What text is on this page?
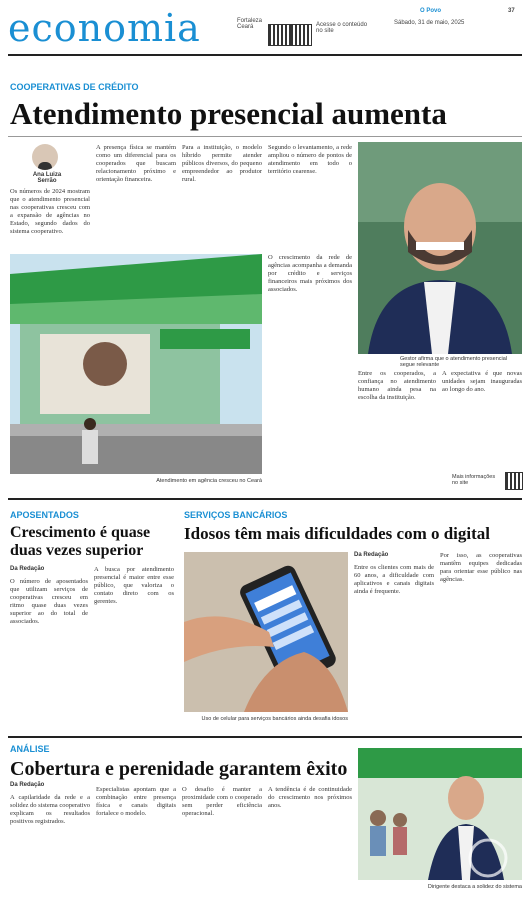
economia	Fortaleza
Ceará	Acesse o conteúdo
no site
O Povo
Sábado, 31 de maio, 2025
37
COOPERATIVAS DE CRÉDITO
Atendimento presencial aumenta
Ana Luiza
Serrão
Os números de 2024 mostram que o atendimento presencial nas cooperativas cresceu com a expansão de agências no Estado, segundo dados do sistema cooperativo.
A presença física se mantém como um diferencial para os cooperados que buscam relacionamento próximo e orientação financeira.
Para a instituição, o modelo híbrido permite atender públicos diversos, do pequeno empreendedor ao produtor rural.
Segundo o levantamento, a rede ampliou o número de pontos de atendimento em todo o território cearense.
Atendimento em agência cresceu no Ceará
Gestor afirma que o atendimento presencial segue relevante
O crescimento da rede de agências acompanha a demanda por crédito e serviços financeiros mais próximos dos associados.
Entre os cooperados, a confiança no atendimento humano ainda pesa na escolha da instituição.
A expectativa é que novas unidades sejam inauguradas ao longo do ano.
Mais informações no site
APOSENTADOS
Crescimento é quase duas vezes superior
Da Redação
O número de aposentados que utilizam serviços de cooperativas cresceu em ritmo quase duas vezes superior ao do total de associados.
A busca por atendimento presencial é maior entre esse público, que valoriza o contato direto com os gerentes.
SERVIÇOS BANCÁRIOS
Idosos têm mais dificuldades com o digital
Uso de celular para serviços bancários ainda desafia idosos
Da Redação
Entre os clientes com mais de 60 anos, a dificuldade com aplicativos e canais digitais ainda é frequente.
Por isso, as cooperativas mantêm equipes dedicadas para orientar esse público nas agências.
ANÁLISE
Cobertura e perenidade garantem êxito
Da Redação
A capilaridade da rede e a solidez do sistema cooperativo explicam os resultados positivos registrados.
Especialistas apontam que a combinação entre presença física e canais digitais fortalece o modelo.
O desafio é manter a proximidade com o cooperado sem perder eficiência operacional.
A tendência é de continuidade do crescimento nos próximos anos.
Dirigente destaca a solidez do sistema
